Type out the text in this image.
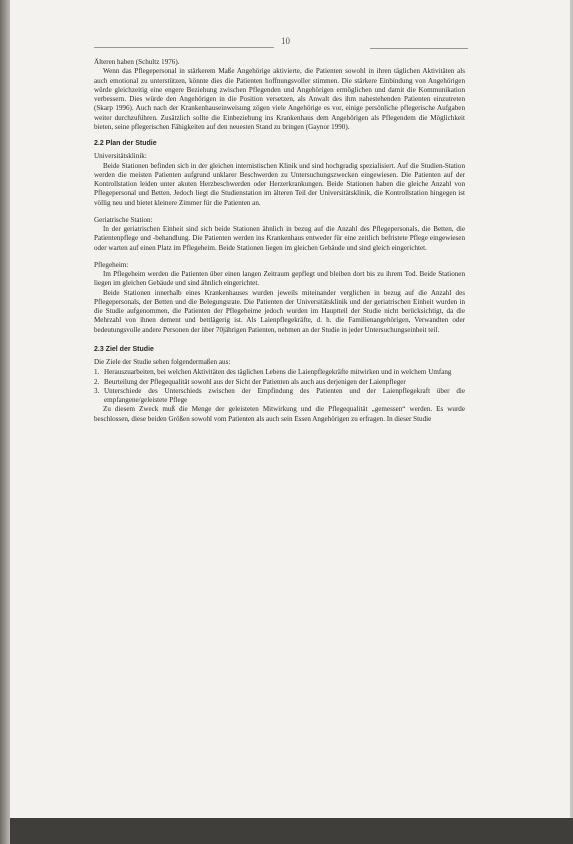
10

Älteren haben (Schultz 1976).

Wenn das Pflegepersonal in stärkerem Maße Angehörige aktivierte, die Patienten sowohl in ihren täglichen Aktivitäten als auch emotional zu unterstützen, könnte dies die Patienten hoffnungsvoller stimmen. Die stärkere Einbindung von Angehörigen würde gleichzeitig eine engere Beziehung zwischen Pflegenden und Angehörigen ermöglichen und damit die Kommunikation verbessern. Dies würde den Angehörigen in die Position versetzen, als Anwalt des ihm nahestehenden Patienten einzutreten (Skarp 1996). Auch nach der Krankenhauseinweisung zögen viele Angehörige es vor, einige persönliche pflegerische Aufgaben weiter durchzuführen. Zusätzlich sollte die Einbeziehung ins Krankenhaus dem Angehörigen als Pflegendem die Möglichkeit bieten, seine pflegerischen Fähigkeiten auf den neuesten Stand zu bringen (Gaynor 1990).

2.2 Plan der Studie

Universitätsklinik:

Beide Stationen befinden sich in der gleichen internistischen Klinik und sind hochgradig spezialisiert. Auf die Studien-Station werden die meisten Patienten aufgrund unklarer Beschwerden zu Untersuchungszwecken eingewiesen. Die Patienten auf der Kontrollstation leiden unter akuten Herzbeschwerden oder Herzerkrankungen. Beide Stationen haben die gleiche Anzahl von Pflegepersonal und Betten. Jedoch liegt die Studienstation im älteren Teil der Universitätsklinik, die Kontrollstation hingegen ist völlig neu und bietet kleinere Zimmer für die Patienten an.

Geriatrische Station:

In der geriatrischen Einheit sind sich beide Stationen ähnlich in bezug auf die Anzahl des Pflegepersonals, die Betten, die Patientenpflege und -behandlung. Die Patienten werden ins Krankenhaus entweder für eine zeitlich befristete Pflege eingewiesen oder warten auf einen Platz im Pflegeheim. Beide Stationen liegen im gleichen Gebäude und sind gleich eingerichtet.

Pflegeheim:

Im Pflegeheim werden die Patienten über einen langen Zeitraum gepflegt und bleiben dort bis zu ihrem Tod. Beide Stationen liegen im gleichen Gebäude und sind ähnlich eingerichtet.

Beide Stationen innerhalb eines Krankenhauses wurden jeweils miteinander verglichen in bezug auf die Anzahl des Pflegepersonals, der Betten und die Belegungsrate. Die Patienten der Universitätsklinik und der geriatrischen Einheit wurden in die Studie aufgenommen, die Patienten der Pflegeheime jedoch wurden im Hauptteil der Studie nicht berücksichtigt, da die Mehrzahl von ihnen dement und bettlägerig ist. Als Laienpflegekräfte, d. h. die Familienangehörigen, Verwandten oder bedeutungsvolle andere Personen der über 70jährigen Patienten, nehmen an der Studie in jeder Untersuchungseinheit teil.

2.3 Ziel der Studie

Die Ziele der Studie sehen folgendermaßen aus:

1. Herauszuarbeiten, bei welchen Aktivitäten des täglichen Lebens die Laienpflegekräfte mitwirken und in welchem Umfang
2. Beurteilung der Pflegequalität sowohl aus der Sicht der Patienten als auch aus derjenigen der Laienpfleger
3. Unterschiede des Unterschieds zwischen der Empfindung des Patienten und der Laienpflegekraft über die empfangene/geleistete Pflege

Zu diesem Zweck muß die Menge der geleisteten Mitwirkung und die Pflegequalität „gemessen“ werden. Es wurde beschlossen, diese beiden Größen sowohl vom Patienten als auch sein Essen Angehörigen zu erfragen. In dieser Studie
